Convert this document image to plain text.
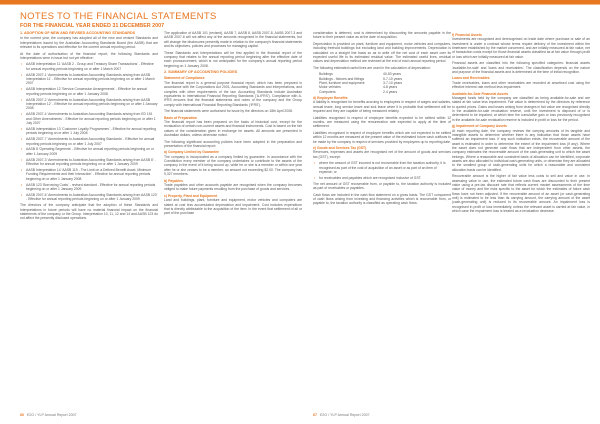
NOTES TO THE FINANCIAL STATEMENTS
FOR THE FINANCIAL YEAR ENDED 31 DECEMBER 2007
1. ADOPTION OF NEW AND REVISED ACCOUNTING STANDARDS
In the current year, the company has adopted all of the new and revised Standards and Interpretations issued by the Australian Accounting Standards Board (the AASB) that are relevant to its operations and effective for the current annual reporting period.
At the date of authorisation of the financial report, the following Standards and Interpretations were in issue but not yet effective:
• AASB Interpretation 11 'AASB 2 - Group and Treasury Share Transactions' - Effective for annual reporting periods beginning on or after 1 March 2007
• AASB 2007-1 'Amendments to Australian Accounting Standards arising from AASB Interpretation 11' - Effective for annual reporting periods beginning on or after 1 March 2007
• AASB Interpretation 12 'Service Concession Arrangements' - Effective for annual reporting periods beginning on or after 1 January 2008
• AASB 2007-2 'Amendments to Australian Accounting Standards arising from AASB Interpretation 12' - Effective for annual reporting periods beginning on or after 1 January 2008
• AASB 2007-4 'Amendments to Australian Accounting Standards arising from ED 151 and Other Amendments' - Effective for annual reporting periods beginning on or after 1 July 2007
• AASB Interpretation 13 'Customer Loyalty Programmes' - Effective for annual reporting periods beginning on or after 1 July 2008
• AASB 2007-7 'Amendments to Australian Accounting Standards' - Effective for annual reporting periods beginning on or after 1 July 2007
• AASB 8 'Operating Segments' - Effective for annual reporting periods beginning on or after 1 January 2009
• AASB 2007-3 'Amendments to Australian Accounting Standards arising from AASB 8' - Effective for annual reporting periods beginning on or after 1 January 2009
• AASB Interpretation 14 'AASB 119 - The Limit on a Defined Benefit Asset, Minimum Funding Requirements and their Interaction' - Effective for annual reporting periods beginning on or after 1 January 2008
• AASB 123 'Borrowing Costs' - revised standard - Effective for annual reporting periods beginning on or after 1 January 2009
• AASB 2007-6 'Amendments to Australian Accounting Standards arising from AASB 123' - Effective for annual reporting periods beginning on or after 1 January 2009
The directors of the company anticipate that the adoption of these Standards and Interpretations in future periods will have no material financial impact on the financial statements of the company or the Group. Interpretation 10, 11, 12 and 14 and AASB 123 do not affect the presently disclosed operations.
The application of AASB 101 (revised), AASB 7, AASB 8, AASB 2007-8, AASB 2007-3 and AASB 2007-6 will not affect any of the amounts recognised in the financial statements, but will change the disclosures presently made in relation to the company's financial statements and its objectives, policies and processes for managing capital.
These Standards and Interpretations will be first applied in the financial report of the company that relates to the annual reporting period beginning after the effective date of each pronouncement, which is not anticipated for the company's annual reporting period beginning on 1 January 2008.
2. SUMMARY OF ACCOUNTING POLICIES
Statement of Compliance
The financial report is a general purpose financial report, which has been prepared in accordance with the Corporations Act 2001, Accounting Standards and Interpretations, and complies with other requirements of the law. Accounting Standards include Australian equivalents to International Financial Reporting Standards ('A-IFRS'). Compliance with A-IFRS ensures that the financial statements and notes of the company and the Group comply with International Financial Reporting Standards ('IFRS').
The financial statements were authorised for issue by the directors on 18th April 2008.
Basis of Preparation
The financial report has been prepared on the basis of historical cost, except for the revaluation of certain non-current assets and financial instruments. Cost is based on the fair values of the consideration given in exchange for assets. All amounts are presented in Australian dollars, unless otherwise noted.
The following significant accounting policies have been adopted in the preparation and presentation of the financial report:
a) Company Limited by Guarantee
The company is incorporated as a company limited by guarantee. In accordance with the Constitution every member of the company undertakes to contribute to the assets of the company in the event of it being wound up, while he or she is a member or within one year after he or she ceases to be a member, an amount not exceeding $2.00. The company has 9,327 members.
b) Payables
Trade payables and other accounts payable are recognised when the company becomes obliged to make future payments resulting from the purchase of goods and services.
c) Property, Plant and Equipment
Land and buildings, plant, furniture and equipment, motor vehicles and computers are stated at cost less accumulated depreciation and impairment. Cost includes expenditure that is directly attributable to the acquisition of the item. In the event that settlement of all or part of the purchase
consideration is deferred, cost is determined by discounting the amounts payable in the future to their present value as at the date of acquisition.
Depreciation is provided on plant, furniture and equipment, motor vehicles and computers, including freehold buildings but excluding land and building improvements. Depreciation is calculated on a straight line basis so as to write off the net cost of each asset over its expected useful life to its estimated residual value. The estimated useful lives, residual values and depreciation method are reviewed at the end of each annual reporting period.
The following estimated useful lives are used in the calculation of depreciation:
Buildings	40-50 years
Buildings - fixtures and fittings	5-7-10 years
Plant, furniture and equipment	3-7-10 years
Motor vehicles	4-8 years
Computers	2-4 years
d) Employee Benefits
A liability is recognised for benefits accruing to employees in respect of wages and salaries, annual leave, long service leave and sick leave when it is probable that settlement will be required and they are capable of being measured reliably.
Liabilities recognised in respect of employee benefits expected to be settled within 12 months, are measured using the remuneration rate expected to apply at the time of settlement.
Liabilities recognised in respect of employee benefits which are not expected to be settled within 12 months are measured at the present value of the estimated future cash outflows to be made by the company in respect of services provided by employees up to reporting date.
e) Goods and Services Tax (GST)
Revenues, expenses and assets are recognised net of the amount of goods and services tax (GST), except:
• where the amount of GST incurred is not recoverable from the taxation authority, it is recognised as part of the cost of acquisition of an asset or as part of an item of expense; or
• for receivables and payables which are recognised inclusive of GST.
The net amount of GST recoverable from, or payable to, the taxation authority is included as part of receivables or payables.
Cash flows are included in the cash flow statement on a gross basis. The GST component of cash flows arising from investing and financing activities which is recoverable from, or payable to, the taxation authority is classified as operating cash flows.
f) Financial Assets
Investments are recognised and derecognised on trade date where purchase or sale of an investment is under a contract whose terms require delivery of the investment within the timeframe established by the market concerned, and are initially measured at fair value, net of transaction costs except for those financial assets classified as at fair value through profit or loss which are initially measured at fair value.
Financial assets are classified into the following specified categories: financial assets 'available-for-sale' and 'loans and receivables'. The classification depends on the nature and purpose of the financial assets and is determined at the time of initial recognition.
Loans and Receivables
Trade receivables, loans and other receivables are recorded at amortised cost using the effective interest rate method less impairment.
Available-for-Sale Financial Assets
Managed funds held by the company are classified as being available-for-sale and are stated at fair value less impairment. Fair value is determined by the directors by reference to quoted prices. Gains and losses arising from changes in fair value are recognised directly in the available-for-sale revaluation reserve, until the investment is disposed of or is determined to be impaired, at which time the cumulative gain or loss previously recognised in the available-for-sale revaluation reserve is included in profit or loss for the period.
g) Impairment of Company Assets
At each reporting date, the company reviews the carrying amounts of its tangible and intangible assets to determine whether there is any indication that those assets have suffered an impairment loss. If any such indication exists, the recoverable amount of the asset is estimated in order to determine the extent of the impairment loss (if any). Where the asset does not generate cash flows that are independent from other assets, the company estimates the recoverable amount of the cash-generating unit to which the asset belongs. Where a reasonable and consistent basis of allocation can be identified, corporate assets are also allocated to individual cash-generating units, or otherwise they are allocated to the smallest group of cash-generating units for which a reasonable and consistent allocation basis can be identified.
Recoverable amount is the higher of fair value less costs to sell and value in use. In assessing value in use, the estimated future cash flows are discounted to their present value using a pre-tax discount rate that reflects current market assessments of the time value of money and the risks specific to the asset for which the estimates of future cash flows have not been adjusted. If the recoverable amount of an asset (or cash-generating unit) is estimated to be less than its carrying amount, the carrying amount of the asset (cash-generating unit) is reduced to its recoverable amount. An impairment loss is recognised in profit or loss immediately, unless the relevant asset is carried at fair value, in which case the impairment loss is treated as a revaluation decrease.
66 E2O / YLP Annual Report 2007	67 E2O / YLP Annual Report 2007
